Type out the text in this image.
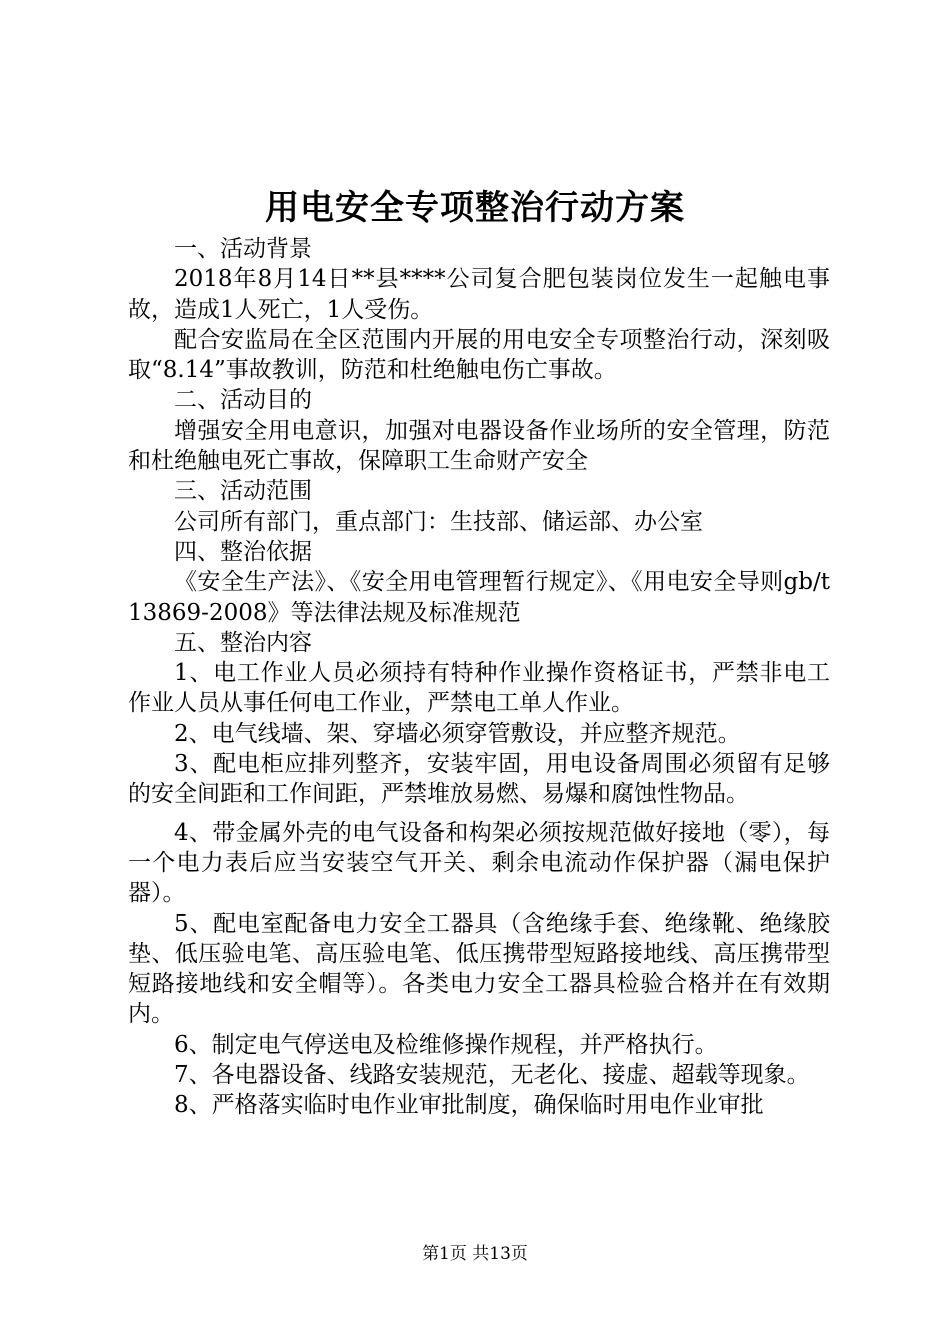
用电安全专项整治行动方案

一、活动背景

2018年8月14日**县****公司复合肥包装岗位发生一起触电事故，造成1人死亡，1人受伤。

配合安监局在全区范围内开展的用电安全专项整治行动，深刻吸取“8.14”事故教训，防范和杜绝触电伤亡事故。

二、活动目的

增强安全用电意识，加强对电器设备作业场所的安全管理，防范和杜绝触电死亡事故，保障职工生命财产安全

三、活动范围

公司所有部门，重点部门：生技部、储运部、办公室

四、整治依据

《安全生产法》、《安全用电管理暂行规定》、《用电安全导则gb/t13869-2008》等法律法规及标准规范

五、整治内容

1、电工作业人员必须持有特种作业操作资格证书，严禁非电工作业人员从事任何电工作业，严禁电工单人作业。

2、电气线墙、架、穿墙必须穿管敷设，并应整齐规范。

3、配电柜应排列整齐，安装牢固，用电设备周围必须留有足够的安全间距和工作间距，严禁堆放易燃、易爆和腐蚀性物品。

4、带金属外壳的电气设备和构架必须按规范做好接地（零），每一个电力表后应当安装空气开关、剩余电流动作保护器（漏电保护器）。

5、配电室配备电力安全工器具（含绝缘手套、绝缘靴、绝缘胶垫、低压验电笔、高压验电笔、低压携带型短路接地线、高压携带型短路接地线和安全帽等）。各类电力安全工器具检验合格并在有效期内。

6、制定电气停送电及检维修操作规程，并严格执行。

7、各电器设备、线路安装规范，无老化、接虚、超载等现象。

8、严格落实临时电作业审批制度，确保临时用电作业审批

第1页 共13页
